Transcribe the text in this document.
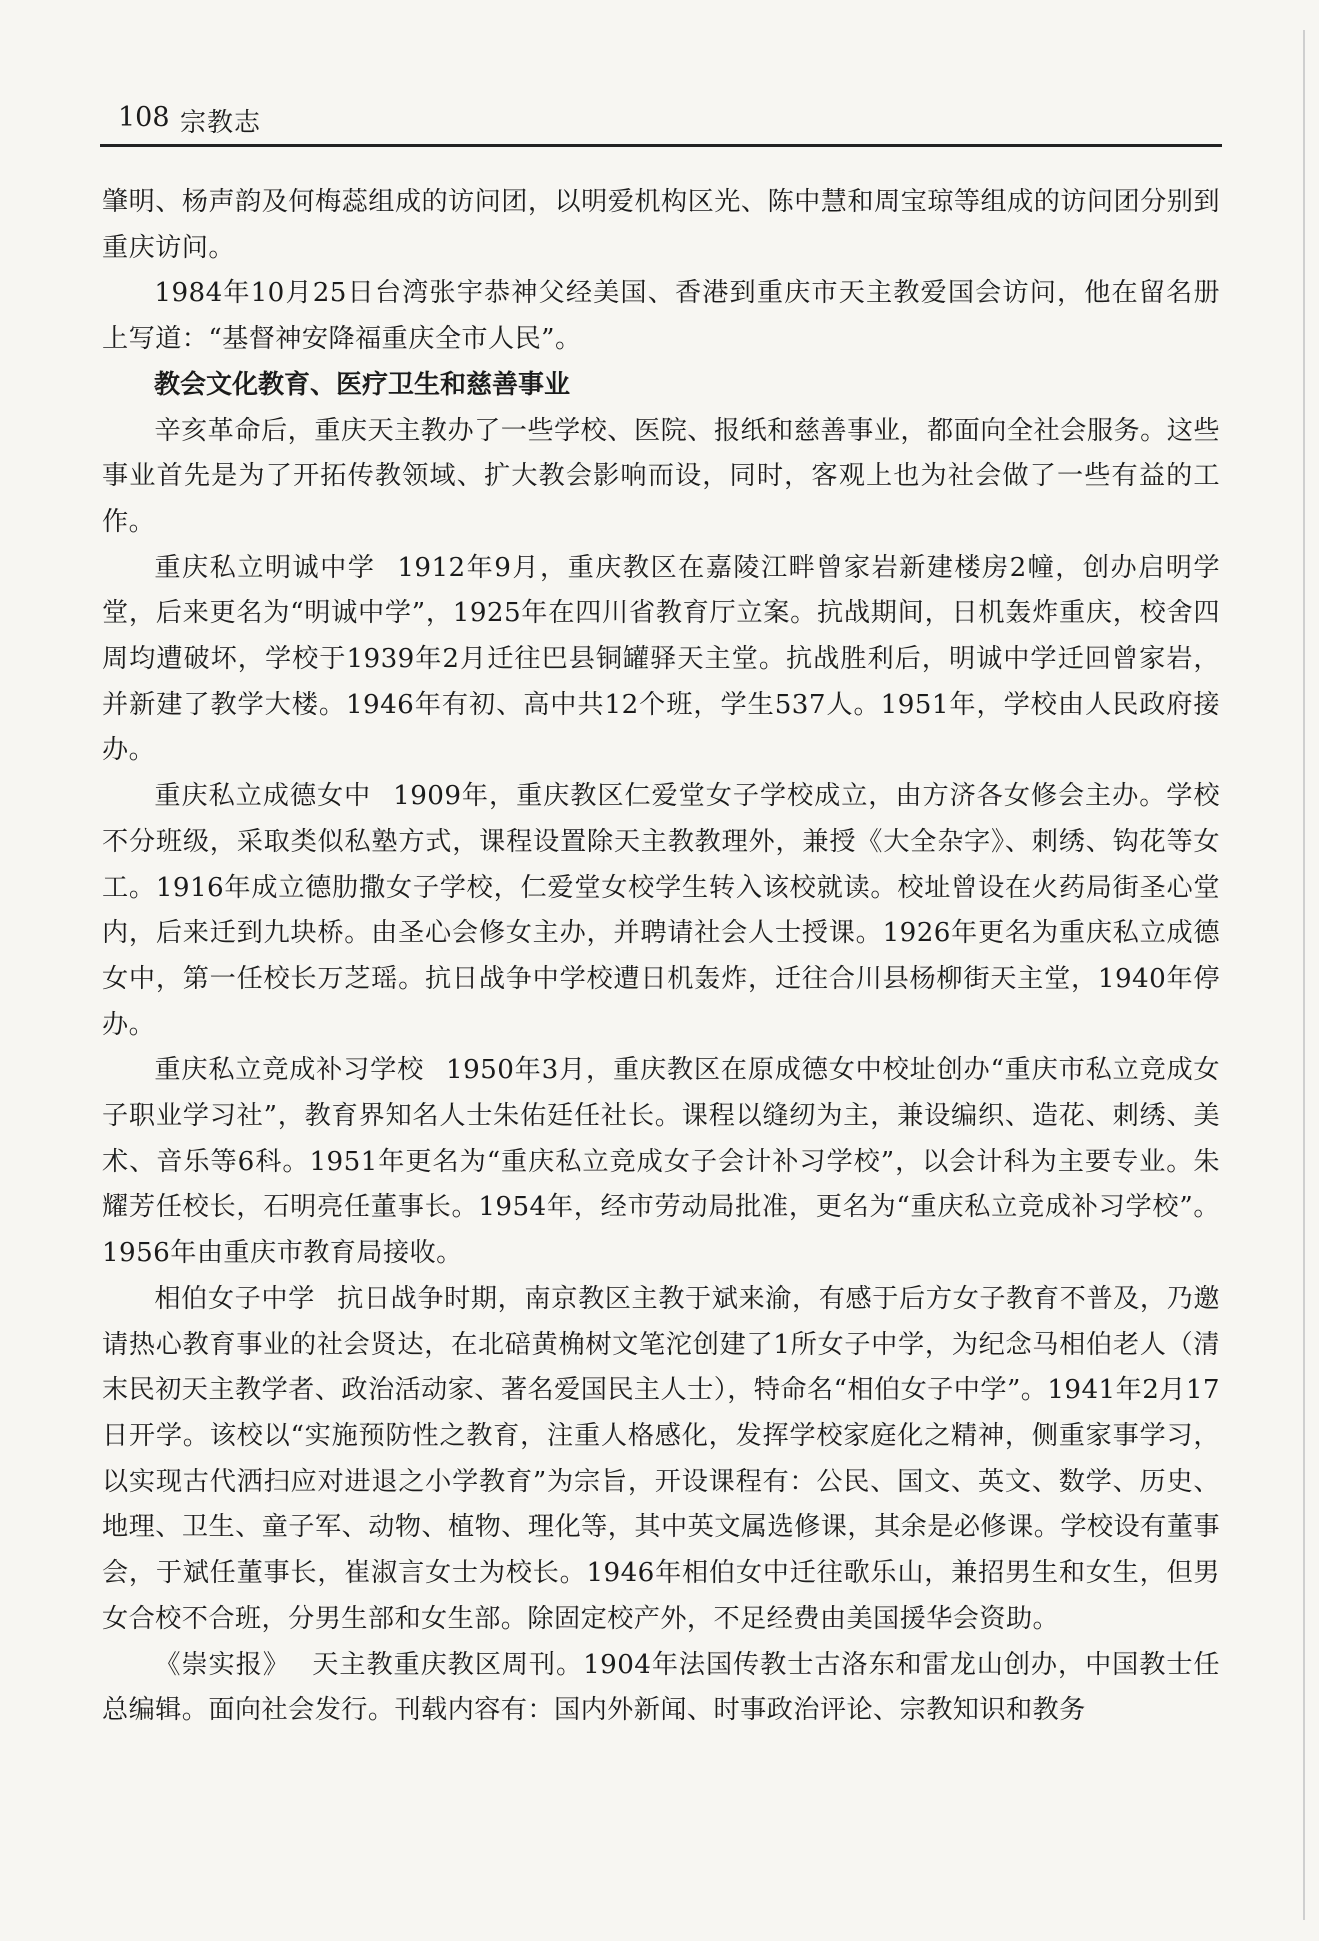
108 宗教志

肇明、杨声韵及何梅蕊组成的访问团，以明爱机构区光、陈中慧和周宝琼等组成的访问团分别到重庆访问。

1984年10月25日台湾张宇恭神父经美国、香港到重庆市天主教爱国会访问，他在留名册上写道：“基督神安降福重庆全市人民”。

教会文化教育、医疗卫生和慈善事业

辛亥革命后，重庆天主教办了一些学校、医院、报纸和慈善事业，都面向全社会服务。这些事业首先是为了开拓传教领域、扩大教会影响而设，同时，客观上也为社会做了一些有益的工作。

重庆私立明诚中学 1912年9月，重庆教区在嘉陵江畔曾家岩新建楼房2幢，创办启明学堂，后来更名为“明诚中学”，1925年在四川省教育厅立案。抗战期间，日机轰炸重庆，校舍四周均遭破坏，学校于1939年2月迁往巴县铜罐驿天主堂。抗战胜利后，明诚中学迁回曾家岩，并新建了教学大楼。1946年有初、高中共12个班，学生537人。1951年，学校由人民政府接办。

重庆私立成德女中 1909年，重庆教区仁爱堂女子学校成立，由方济各女修会主办。学校不分班级，采取类似私塾方式，课程设置除天主教教理外，兼授《大全杂字》、刺绣、钩花等女工。1916年成立德肋撒女子学校，仁爱堂女校学生转入该校就读。校址曾设在火药局街圣心堂内，后来迁到九块桥。由圣心会修女主办，并聘请社会人士授课。1926年更名为重庆私立成德女中，第一任校长万芝瑶。抗日战争中学校遭日机轰炸，迁往合川县杨柳街天主堂，1940年停办。

重庆私立竞成补习学校 1950年3月，重庆教区在原成德女中校址创办“重庆市私立竞成女子职业学习社”，教育界知名人士朱佑廷任社长。课程以缝纫为主，兼设编织、造花、刺绣、美术、音乐等6科。1951年更名为“重庆私立竞成女子会计补习学校”，以会计科为主要专业。朱耀芳任校长，石明亮任董事长。1954年，经市劳动局批准，更名为“重庆私立竞成补习学校”。1956年由重庆市教育局接收。

相伯女子中学 抗日战争时期，南京教区主教于斌来渝，有感于后方女子教育不普及，乃邀请热心教育事业的社会贤达，在北碚黄桷树文笔沱创建了1所女子中学，为纪念马相伯老人（清末民初天主教学者、政治活动家、著名爱国民主人士），特命名“相伯女子中学”。1941年2月17日开学。该校以“实施预防性之教育，注重人格感化，发挥学校家庭化之精神，侧重家事学习，以实现古代洒扫应对进退之小学教育”为宗旨，开设课程有：公民、国文、英文、数学、历史、地理、卫生、童子军、动物、植物、理化等，其中英文属选修课，其余是必修课。学校设有董事会，于斌任董事长，崔淑言女士为校长。1946年相伯女中迁往歌乐山，兼招男生和女生，但男女合校不合班，分男生部和女生部。除固定校产外，不足经费由美国援华会资助。

《崇实报》 天主教重庆教区周刊。1904年法国传教士古洛东和雷龙山创办，中国教士任总编辑。面向社会发行。刊载内容有：国内外新闻、时事政治评论、宗教知识和教务
